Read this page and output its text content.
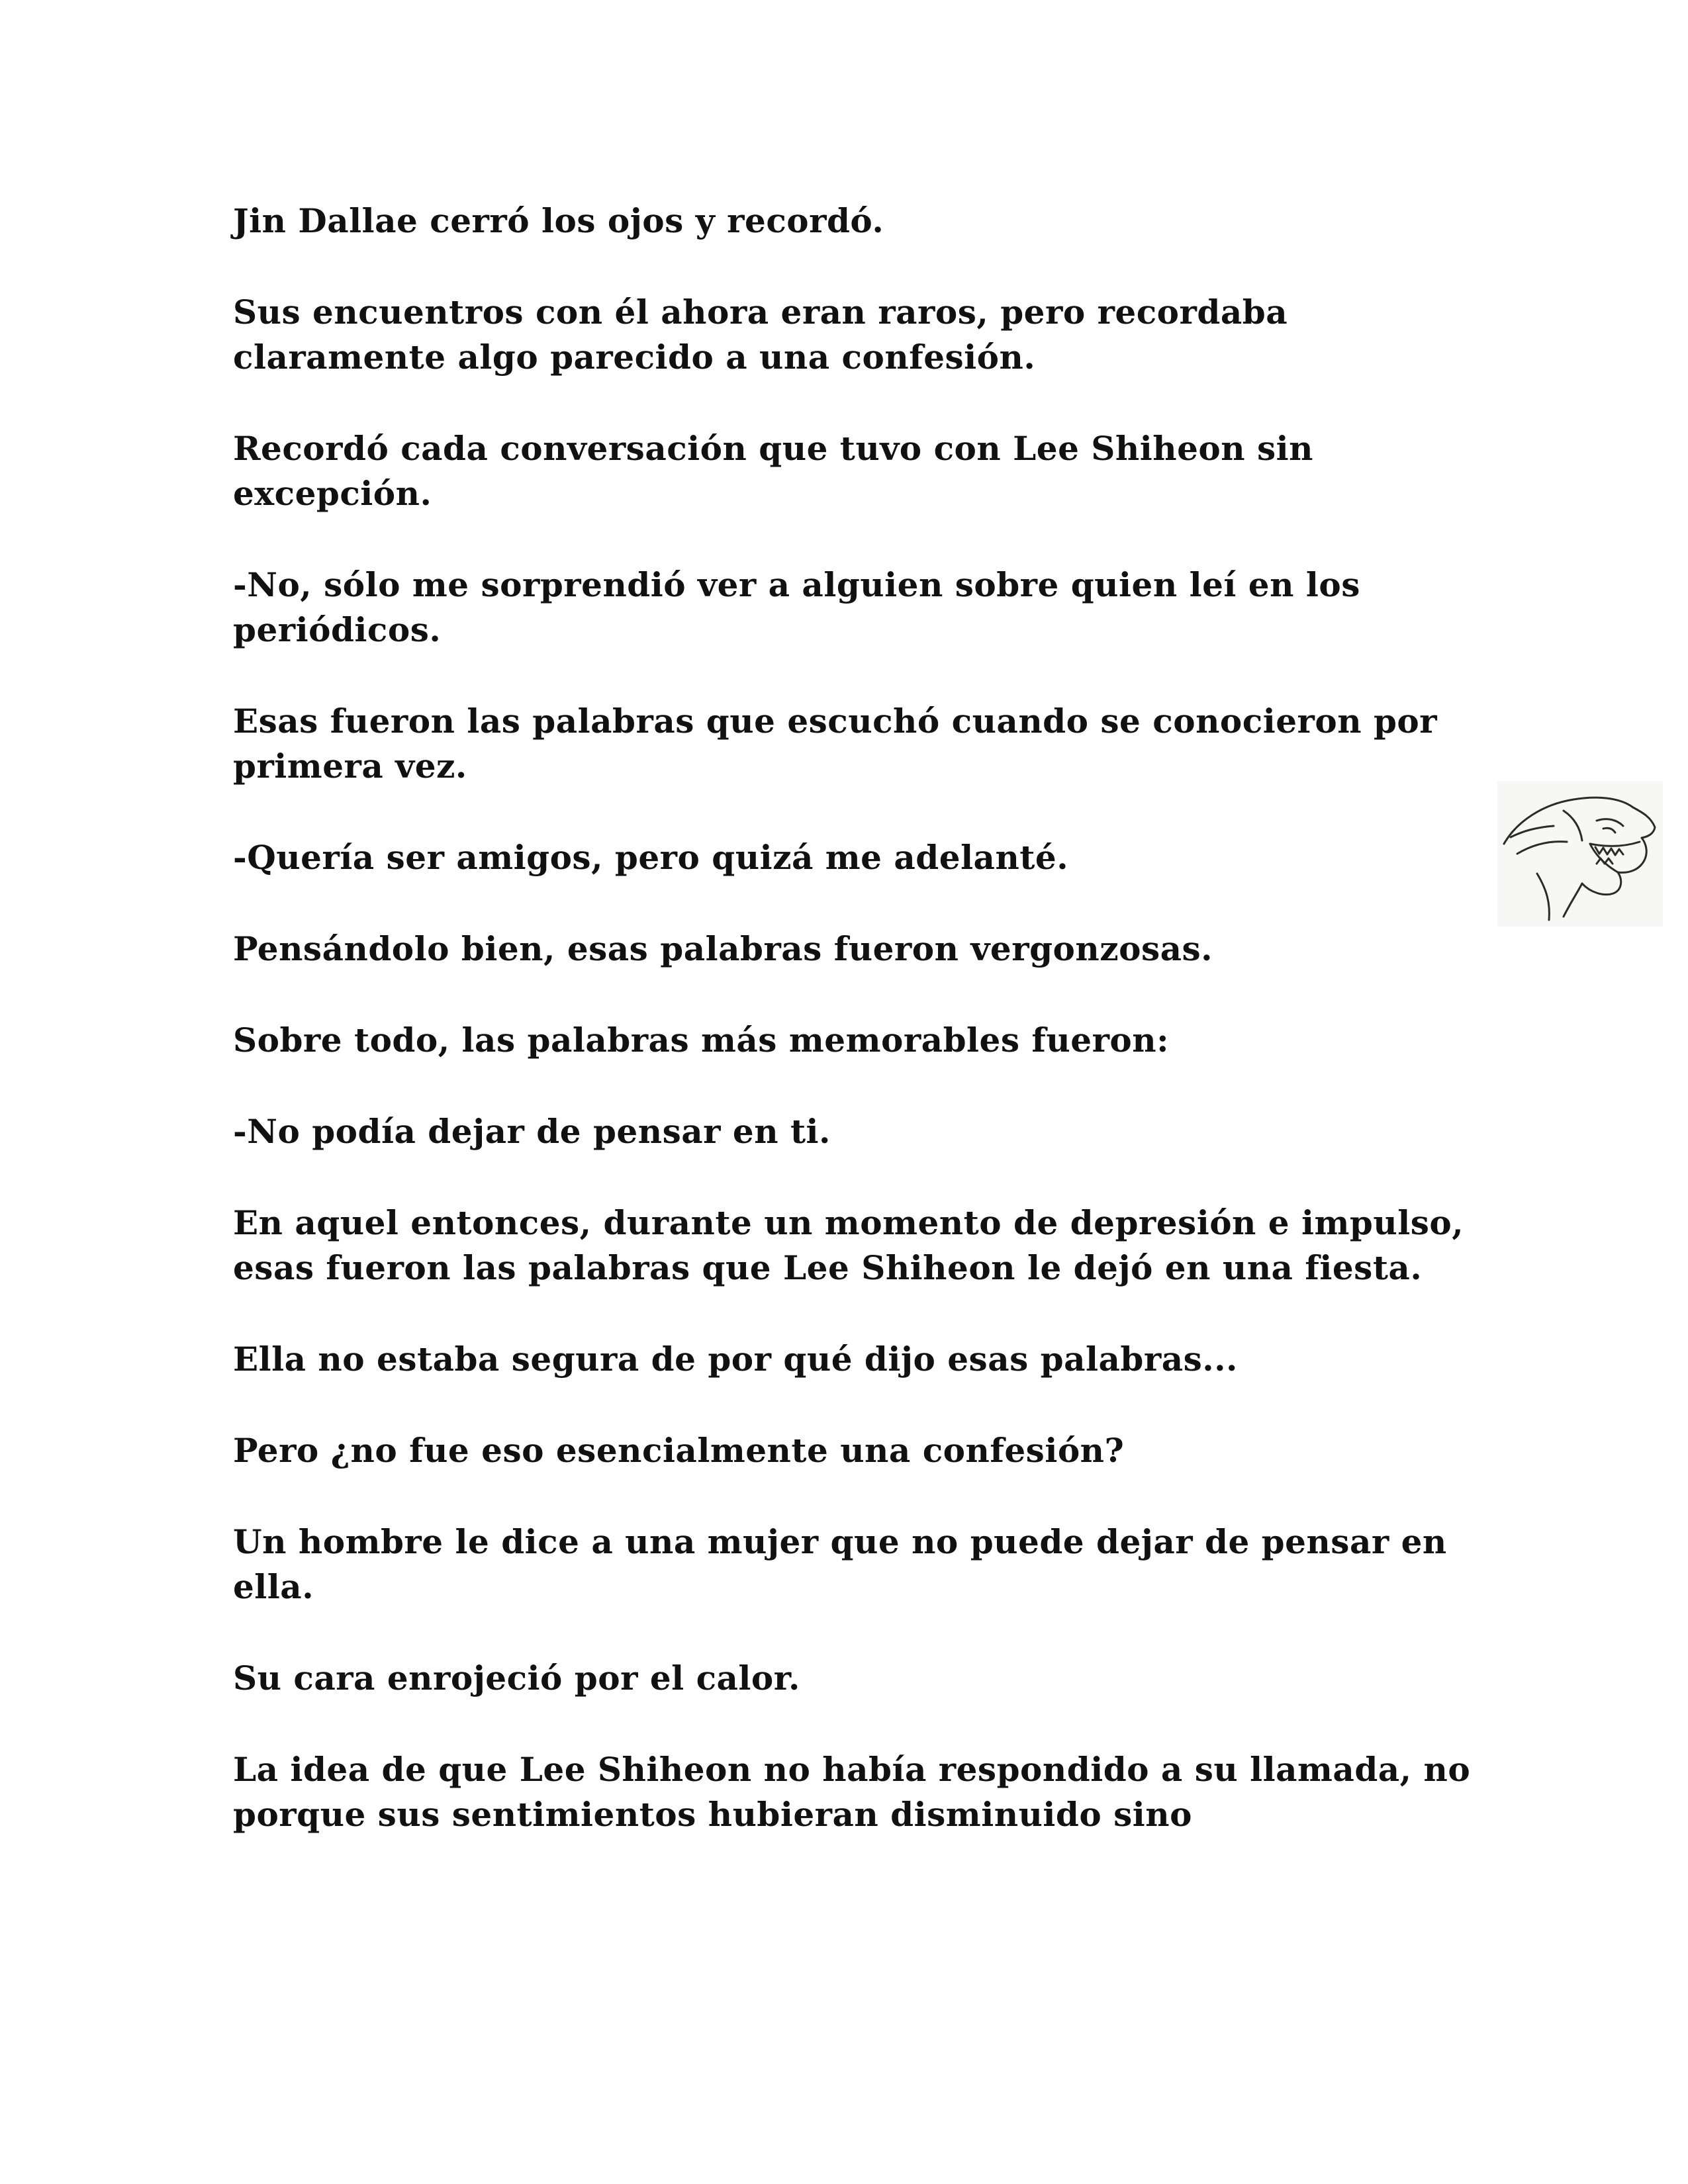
Jin Dallae cerró los ojos y recordó.

Sus encuentros con él ahora eran raros, pero recordaba claramente algo parecido a una confesión.

Recordó cada conversación que tuvo con Lee Shiheon sin excepción.

-No, sólo me sorprendió ver a alguien sobre quien leí en los periódicos.

Esas fueron las palabras que escuchó cuando se conocieron por primera vez.

-Quería ser amigos, pero quizá me adelanté.

Pensándolo bien, esas palabras fueron vergonzosas.

Sobre todo, las palabras más memorables fueron:

-No podía dejar de pensar en ti.

En aquel entonces, durante un momento de depresión e impulso, esas fueron las palabras que Lee Shiheon le dejó en una fiesta.

Ella no estaba segura de por qué dijo esas palabras...

Pero ¿no fue eso esencialmente una confesión?

Un hombre le dice a una mujer que no puede dejar de pensar en ella.

Su cara enrojeció por el calor.

La idea de que Lee Shiheon no había respondido a su llamada, no porque sus sentimientos hubieran disminuido sino
